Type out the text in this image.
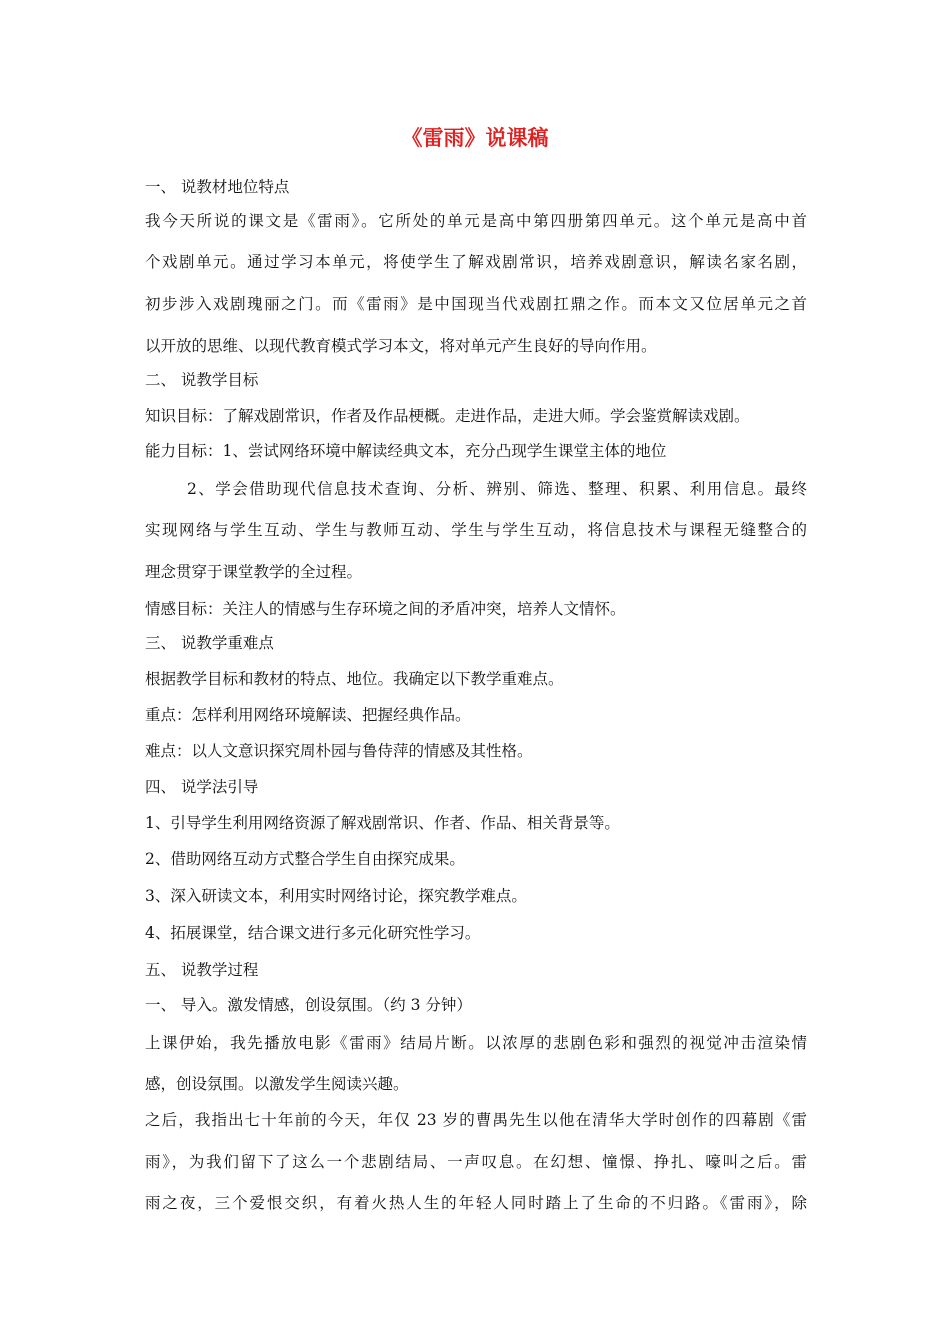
《雷雨》说课稿
一、 说教材地位特点
我今天所说的课文是《雷雨》。它所处的单元是高中第四册第四单元。这个单元是高中首
个戏剧单元。通过学习本单元，将使学生了解戏剧常识，培养戏剧意识，解读名家名剧，
初步涉入戏剧瑰丽之门。而《雷雨》是中国现当代戏剧扛鼎之作。而本文又位居单元之首
以开放的思维、以现代教育模式学习本文，将对单元产生良好的导向作用。
二、 说教学目标
知识目标：了解戏剧常识，作者及作品梗概。走进作品，走进大师。学会鉴赏解读戏剧。
能力目标：1、尝试网络环境中解读经典文本，充分凸现学生课堂主体的地位
2、学会借助现代信息技术查询、分析、辨别、筛选、整理、积累、利用信息。最终
实现网络与学生互动、学生与教师互动、学生与学生互动，将信息技术与课程无缝整合的
理念贯穿于课堂教学的全过程。
情感目标：关注人的情感与生存环境之间的矛盾冲突，培养人文情怀。
三、 说教学重难点
根据教学目标和教材的特点、地位。我确定以下教学重难点。
重点：怎样利用网络环境解读、把握经典作品。
难点：以人文意识探究周朴园与鲁侍萍的情感及其性格。
四、 说学法引导
1、引导学生利用网络资源了解戏剧常识、作者、作品、相关背景等。
2、借助网络互动方式整合学生自由探究成果。
3、深入研读文本，利用实时网络讨论，探究教学难点。
4、拓展课堂，结合课文进行多元化研究性学习。
五、 说教学过程
一、 导入。激发情感，创设氛围。（约 3 分钟）
上课伊始，我先播放电影《雷雨》结局片断。以浓厚的悲剧色彩和强烈的视觉冲击渲染情
感，创设氛围。以激发学生阅读兴趣。
之后，我指出七十年前的今天，年仅 23 岁的曹禺先生以他在清华大学时创作的四幕剧《雷
雨》，为我们留下了这么一个悲剧结局、一声叹息。在幻想、憧憬、挣扎、嚎叫之后。雷
雨之夜，三个爱恨交织，有着火热人生的年轻人同时踏上了生命的不归路。《雷雨》，除
